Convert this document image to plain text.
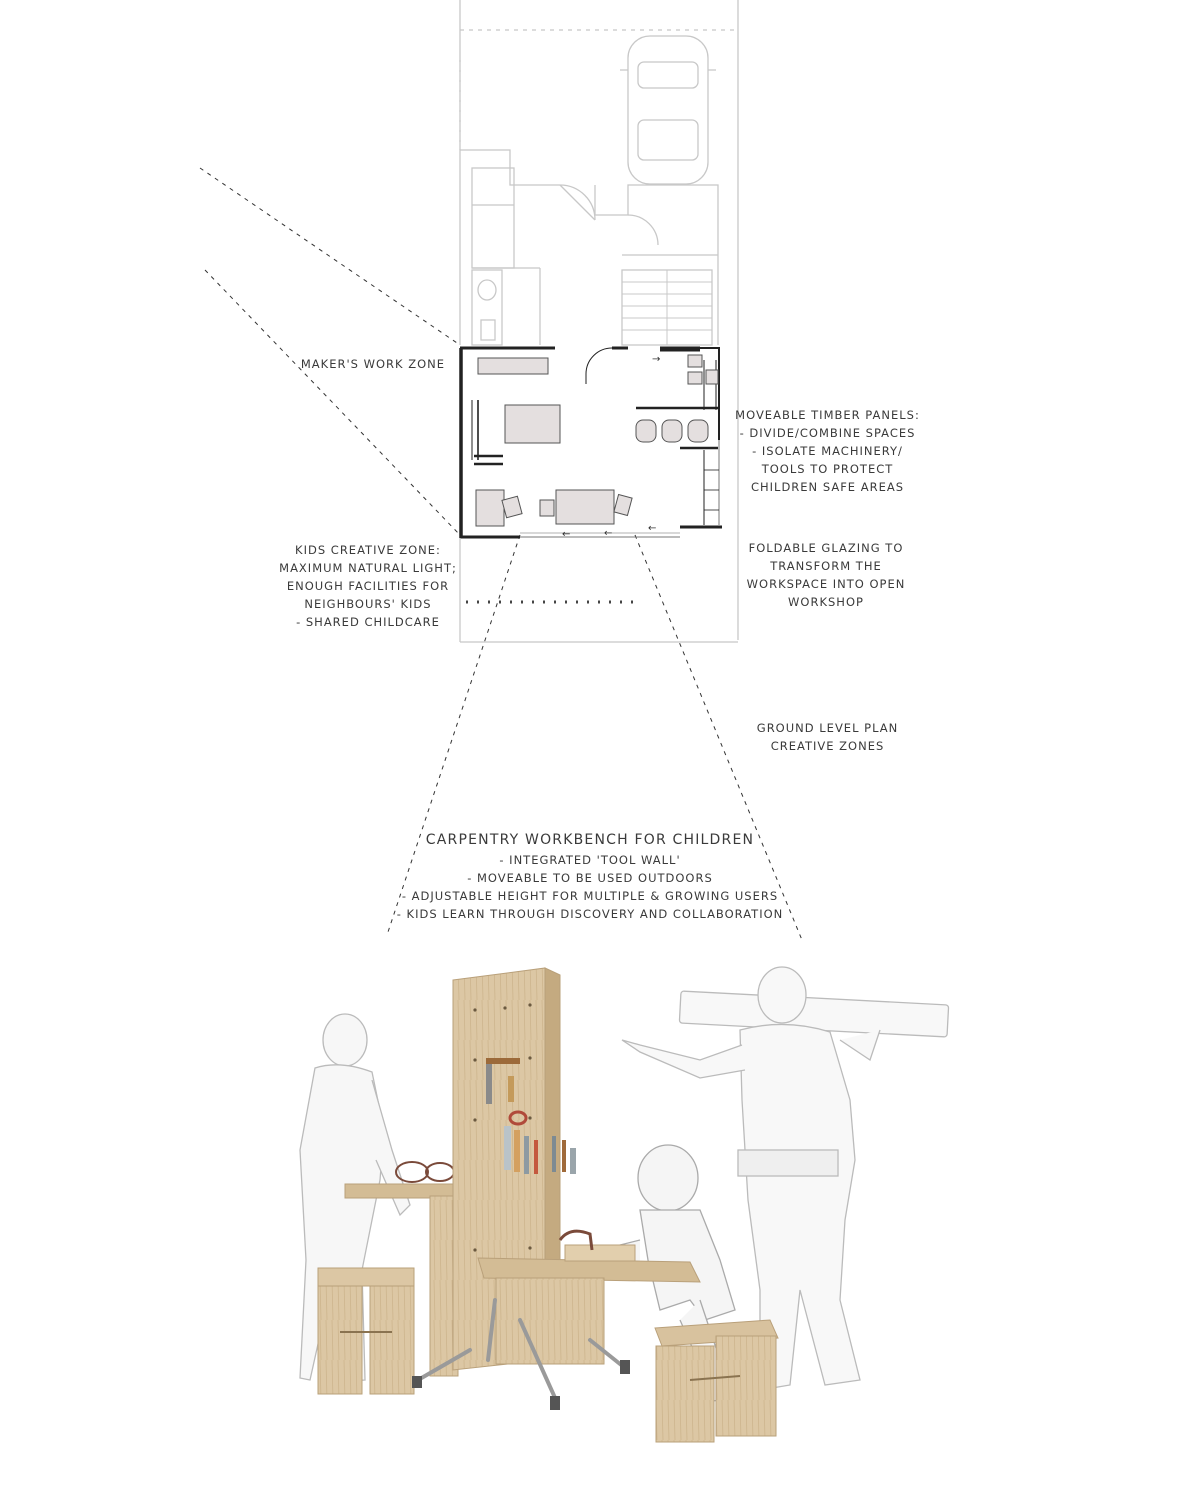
→
←	←	←
MAKER'S WORK ZONE
MOVEABLE TIMBER PANELS:
- DIVIDE/COMBINE SPACES
- ISOLATE MACHINERY/
TOOLS TO PROTECT
CHILDREN SAFE AREAS
KIDS CREATIVE ZONE:
MAXIMUM NATURAL LIGHT;
ENOUGH FACILITIES FOR
NEIGHBOURS' KIDS
- SHARED CHILDCARE
FOLDABLE GLAZING TO
TRANSFORM THE
WORKSPACE INTO OPEN
WORKSHOP
GROUND LEVEL PLAN
CREATIVE ZONES
CARPENTRY WORKBENCH FOR CHILDREN
- INTEGRATED 'TOOL WALL'
- MOVEABLE TO BE USED OUTDOORS
- ADJUSTABLE HEIGHT FOR MULTIPLE & GROWING USERS
- KIDS LEARN THROUGH DISCOVERY AND COLLABORATION
